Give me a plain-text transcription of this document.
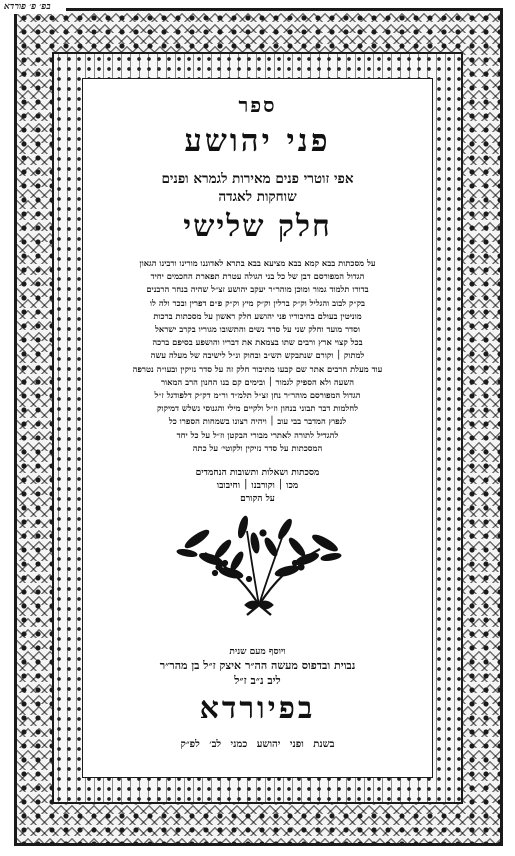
בפ׳ פ׳ פורדא
ספר
פני יהושע
אפי זוטרי פנים מאירות לגמרא ופנים
שוחקות לאגדה
חלק שלישי
על מסכתות בבא קמא בבא מציעא בבא בתרא לאדוננו מורינו ורבינו הגאון
הגדול המפורסם דבן של כל בני הגולה עטרת תפארת החכמים יחיד
בדורו תלמוד גמור ומוכן מוהר״ר יעקב יהושע זצ״ל שהיה בנחר הרבנים
בק״ק לבוב והגליל וק״ק ברלין וק״ק מיץ וק״ק פ״ם דפרין ובכר ולה לו
מוניטין בעולם בחיבוריו פני יהושע חלק ראשון על מסכתות ברכות
וסדר מועד וחלק שני על סדר נשים והתשובו מגוריו בקרב ישראל
בכל קצוי ארץ ורבים שתו בצמאת את דבריו והושפע בסיפם ברכה
למתוק ׀ וקורם שנתבקש תש״ב ובחוק ונ״ל לישיבה של מעלה עשה
עוד מעלת הרבים אתר שם קבעו מתיבור חלק זה על סדר נזיקין ובעו״ה נטרפה
השעה ולא הספיק לגמור ׀ ובימים קם בנו החנון הרב המאור
הגדול המפורסם מוהר״ר נחן זצ״ל תלמ״ד ור״מ דק״ק דלפודגל ז״ל
לחלמות דבר תבוני בנחון וז״ל ולקיים מילי והגנוסי נשלש דמיקוק
לנפוץ המדבר בבי עוב ׀ ויהיה רצונו בשמחות הספרו כל
להגדיל לתורה לאתרי מבורי הבקטן וז״ל על כל יחד
המסכתות על סדר נזיקין ולקוטי׳ על כתה
מסכתות ושאלות ותשובות הנחמדים
מכו ׀ וקורבנו ׀ וחיבובו
על הקורם
ויוסף מעם שנית
נבוית ובדפוס מעשה הה״ר איצק ז״ל בן מהר״ר
ליב נ״ב ז״ל
בפיורדא
בשנת ופני יהושע כמני לב׳ לפ״ק
